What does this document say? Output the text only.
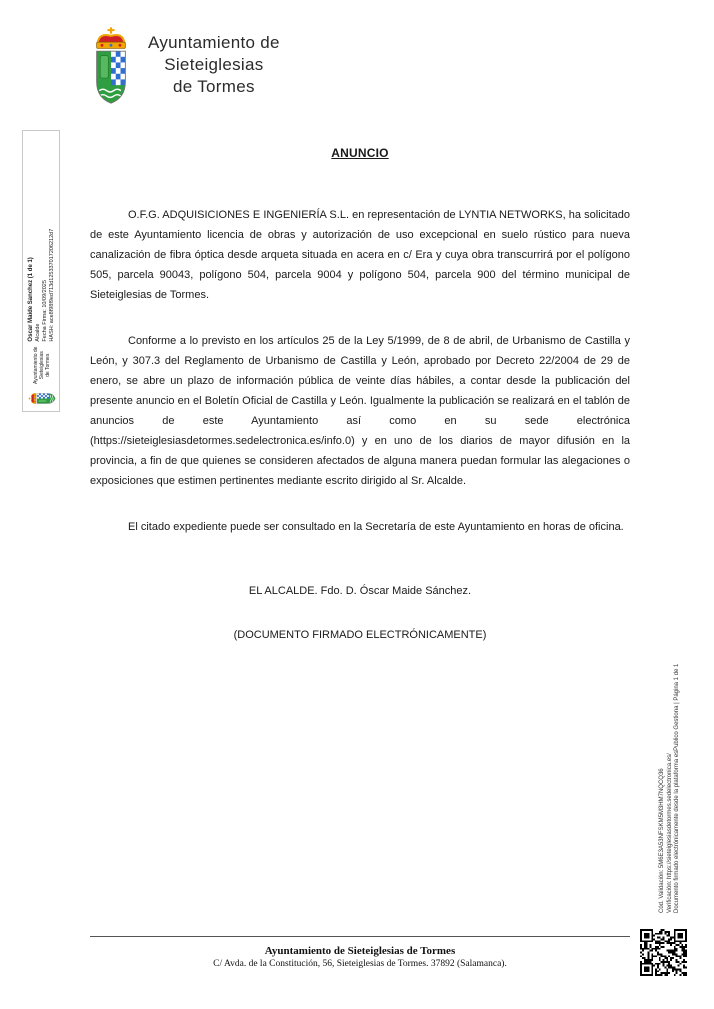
Ayuntamiento de
Sieteiglesias
de Tormes
Ayuntamiento de Sieteiglesias de Tormes
Oscar Maide Sanchez (1 de 1) Alcalde Fecha Firma: 10/09/2025 HASH: ace8f98f9ed713d125337017206212d7
ANUNCIO

O.F.G. ADQUISICIONES E INGENIERÍA S.L. en representación de LYNTIA NETWORKS, ha solicitado de este Ayuntamiento licencia de obras y autorización de uso excepcional en suelo rústico para nueva canalización de fibra óptica desde arqueta situada en acera en c/ Era y cuya obra transcurrirá por el polígono 505, parcela 90043, polígono 504, parcela 9004 y polígono 504, parcela 900 del término municipal de Sieteiglesias de Tormes.

Conforme a lo previsto en los artículos 25 de la Ley 5/1999, de 8 de abril, de Urbanismo de Castilla y León, y 307.3 del Reglamento de Urbanismo de Castilla y León, aprobado por Decreto 22/2004 de 29 de enero, se abre un plazo de información pública de veinte días hábiles, a contar desde la publicación del presente anuncio en el Boletín Oficial de Castilla y León. Igualmente la publicación se realizará en el tablón de anuncios de este Ayuntamiento así como en su sede electrónica (https://sieteiglesiasdetormes.sedelectronica.es/info.0) y en uno de los diarios de mayor difusión en la provincia, a fin de que quienes se consideren afectados de alguna manera puedan formular las alegaciones o exposiciones que estimen pertinentes mediante escrito dirigido al Sr. Alcalde.

El citado expediente puede ser consultado en la Secretaría de este Ayuntamiento en horas de oficina.

EL ALCALDE. Fdo. D. Óscar Maide Sánchez.
(DOCUMENTO FIRMADO ELECTRÓNICAMENTE)
Cód. Validación: 5M6E3A53NFSKM5M3HM7NQCQ36 Verificación: https://sieteiglesiasdetormes.sedelectronica.es/ Documento firmado electrónicamente desde la plataforma esPublico Gestiona | Página 1 de 1
Ayuntamiento de Sieteiglesias de Tormes
C/ Avda. de la Constitución, 56, Sieteiglesias de Tormes. 37892 (Salamanca).
